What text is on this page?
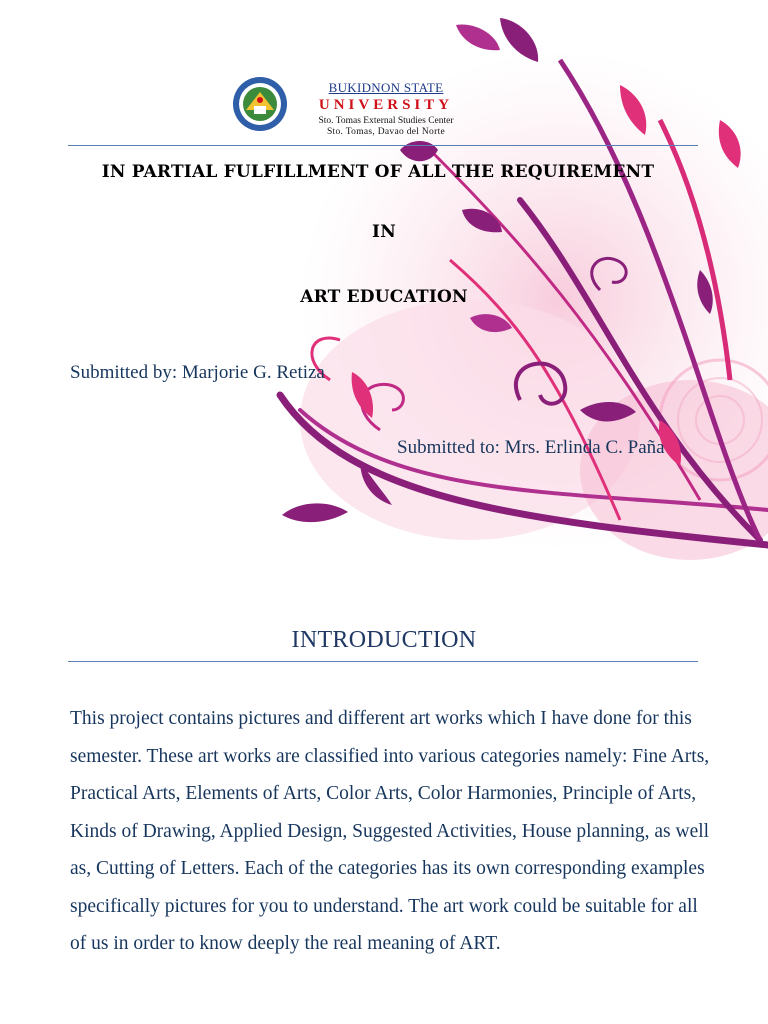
BUKIDNON STATE
UNIVERSITY
Sto. Tomas External Studies Center
Sto. Tomas, Davao del Norte
IN PARTIAL FULFILLMENT OF ALL THE REQUIREMENT
IN
ART EDUCATION
Submitted by: Marjorie G. Retiza
Submitted to: Mrs. Erlinda C. Paña
INTRODUCTION
This project contains pictures and different art works which I have done for this semester. These art works are classified into various categories namely: Fine Arts, Practical Arts, Elements of Arts, Color Arts, Color Harmonies, Principle of Arts, Kinds of Drawing, Applied Design, Suggested Activities, House planning, as well as, Cutting of Letters. Each of the categories has its own corresponding examples specifically pictures for you to understand. The art work could be suitable for all of us in order to know deeply the real meaning of ART.
